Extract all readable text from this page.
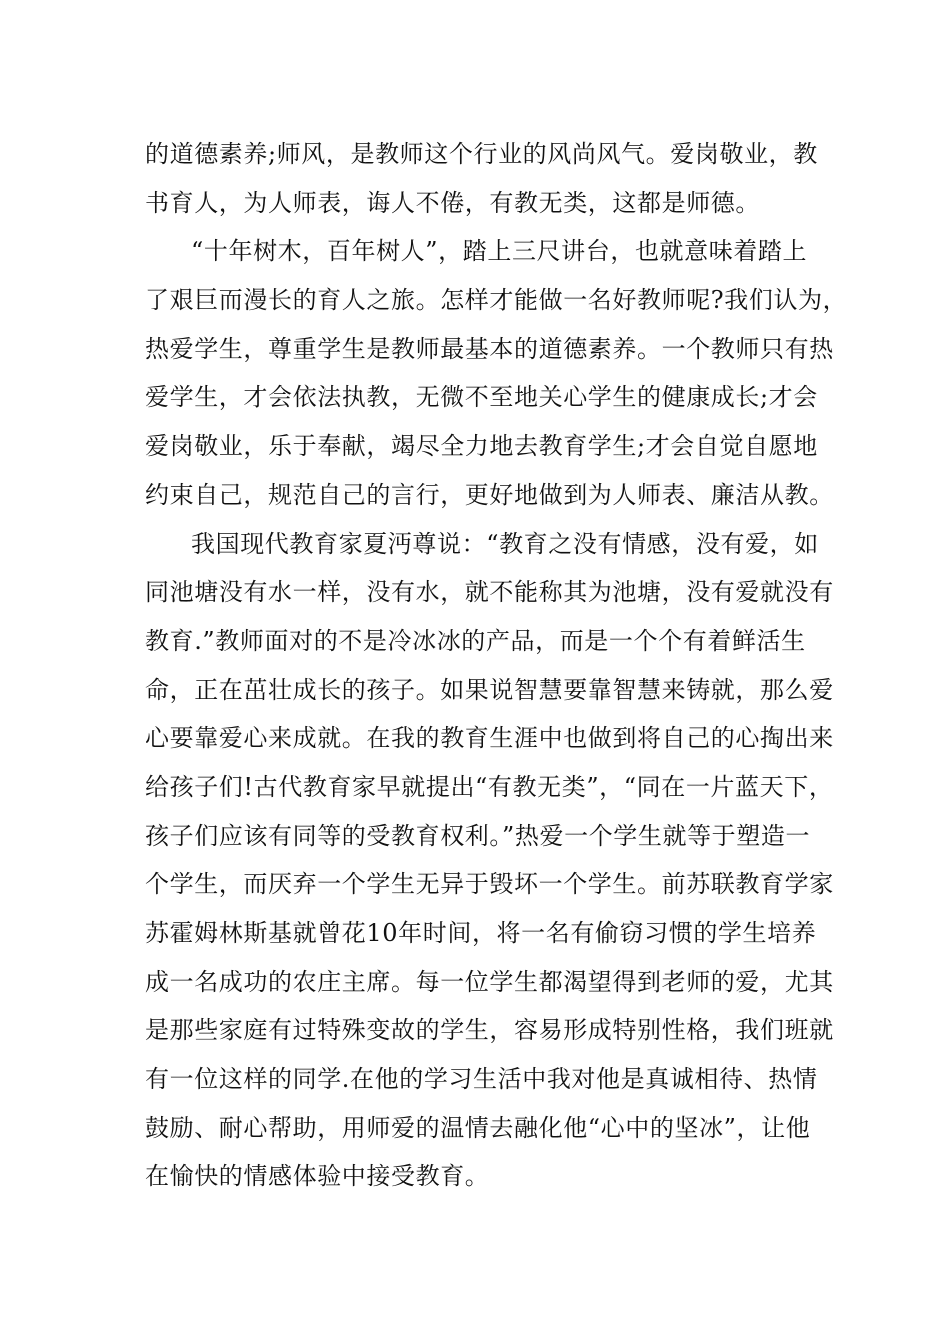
的道德素养;师风，是教师这个行业的风尚风气。爱岗敬业，教
书育人，为人师表，诲人不倦，有教无类，这都是师德。
“十年树木，百年树人”，踏上三尺讲台，也就意味着踏上
了艰巨而漫长的育人之旅。怎样才能做一名好教师呢?我们认为，
热爱学生，尊重学生是教师最基本的道德素养。一个教师只有热
爱学生，才会依法执教，无微不至地关心学生的健康成长;才会
爱岗敬业，乐于奉献，竭尽全力地去教育学生;才会自觉自愿地
约束自己，规范自己的言行，更好地做到为人师表、廉洁从教。
我国现代教育家夏沔尊说：“教育之没有情感，没有爱，如
同池塘没有水一样，没有水，就不能称其为池塘，没有爱就没有
教育.”教师面对的不是冷冰冰的产品，而是一个个有着鲜活生
命，正在茁壮成长的孩子。如果说智慧要靠智慧来铸就，那么爱
心要靠爱心来成就。在我的教育生涯中也做到将自己的心掏出来
给孩子们!古代教育家早就提出“有教无类”，“同在一片蓝天下，
孩子们应该有同等的受教育权利。”热爱一个学生就等于塑造一
个学生，而厌弃一个学生无异于毁坏一个学生。前苏联教育学家
苏霍姆林斯基就曾花10年时间，将一名有偷窃习惯的学生培养
成一名成功的农庄主席。每一位学生都渴望得到老师的爱，尤其
是那些家庭有过特殊变故的学生，容易形成特别性格，我们班就
有一位这样的同学.在他的学习生活中我对他是真诚相待、热情
鼓励、耐心帮助，用师爱的温情去融化他“心中的坚冰”，让他
在愉快的情感体验中接受教育。
